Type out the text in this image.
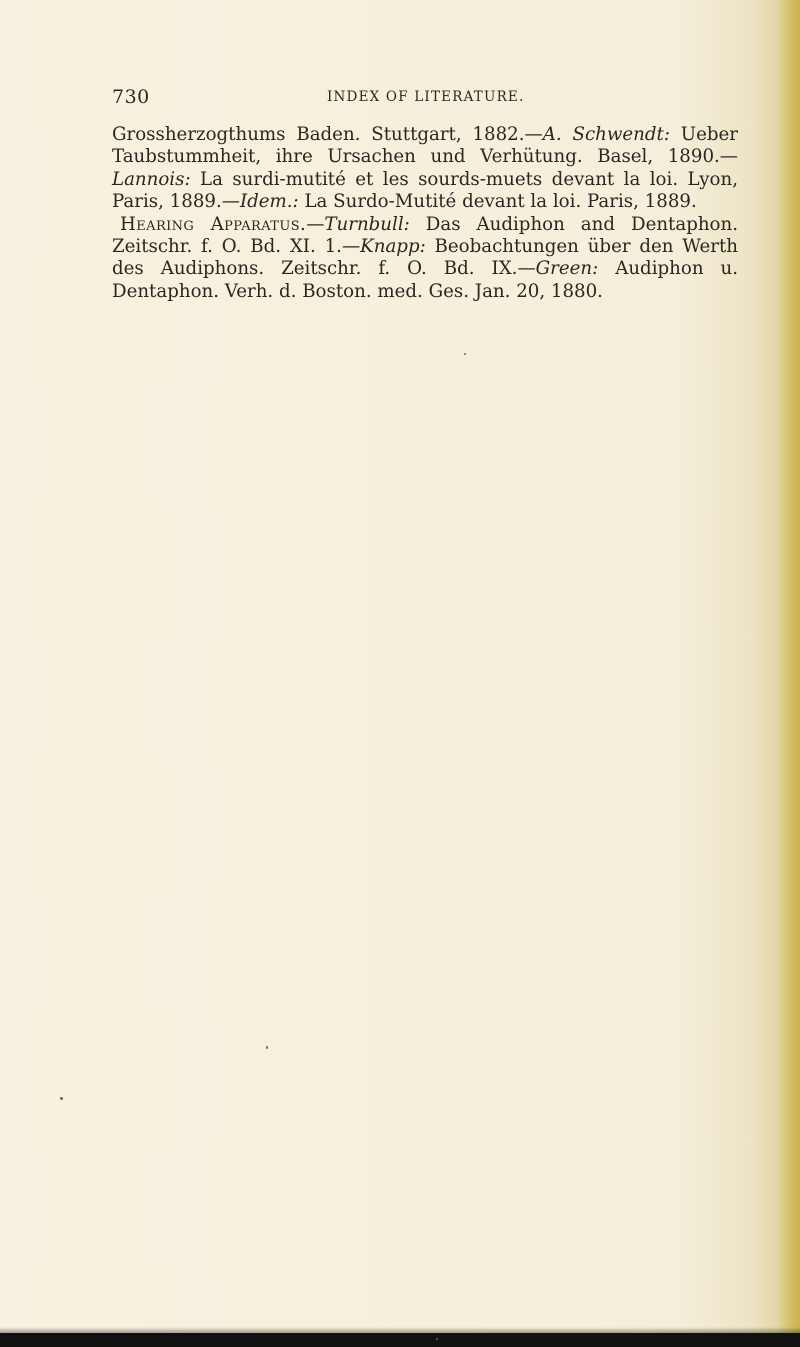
730	INDEX OF LITERATURE.

Grossherzogthums Baden. Stuttgart, 1882.—A. Schwendt: Ueber Taubstummheit, ihre Ursachen und Verhütung. Basel, 1890.—Lannois: La surdi-mutité et les sourds-muets devant la loi. Lyon, Paris, 1889.—Idem.: La Surdo-Mutité devant la loi. Paris, 1889.

Hearing Apparatus.—Turnbull: Das Audiphon and Dentaphon. Zeitschr. f. O. Bd. XI. 1.—Knapp: Beobachtungen über den Werth des Audiphons. Zeitschr. f. O. Bd. IX.—Green: Audiphon u. Dentaphon. Verh. d. Boston. med. Ges. Jan. 20, 1880.
